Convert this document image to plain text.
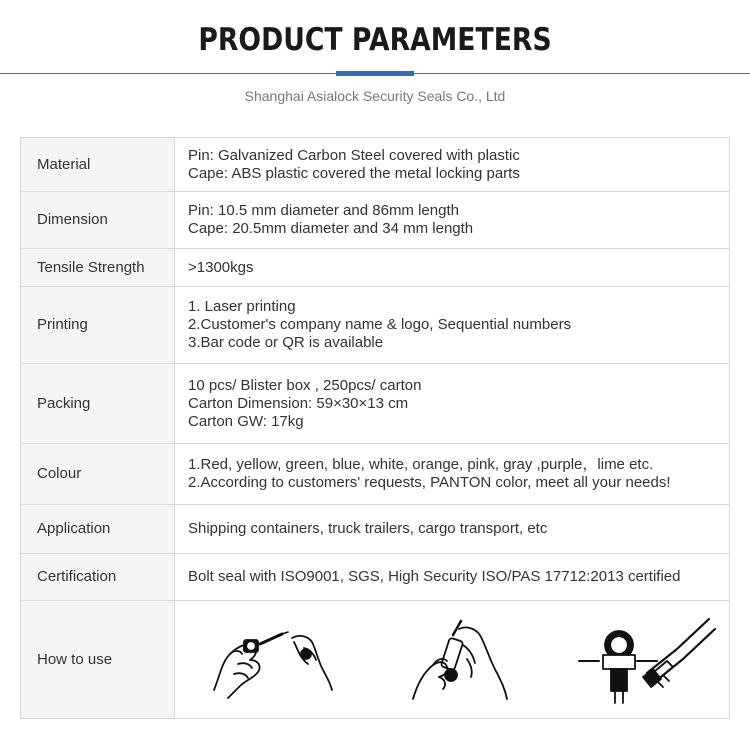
PRODUCT PARAMETERS
Shanghai Asialock Security Seals Co., Ltd
Material	Pin: Galvanized Carbon Steel covered with plastic
Cape: ABS plastic covered the metal locking parts

Dimension	Pin: 10.5 mm diameter and 86mm length
Cape: 20.5mm diameter and 34 mm length

Tensile Strength	>1300kgs

Printing	1. Laser printing
2.Customer's company name & logo, Sequential numbers
3.Bar code or QR is available

Packing	10 pcs/ Blister box , 250pcs/ carton
Carton Dimension: 59×30×13 cm
Carton GW: 17kg

Colour	1.Red, yellow, green, blue, white, orange, pink, gray ,purple，lime etc.
2.According to customers' requests, PANTON color, meet all your needs!

Application	Shipping containers, truck trailers, cargo transport, etc

Certification	Bolt seal with ISO9001, SGS, High Security ISO/PAS 17712:2013 certified

How to use	
